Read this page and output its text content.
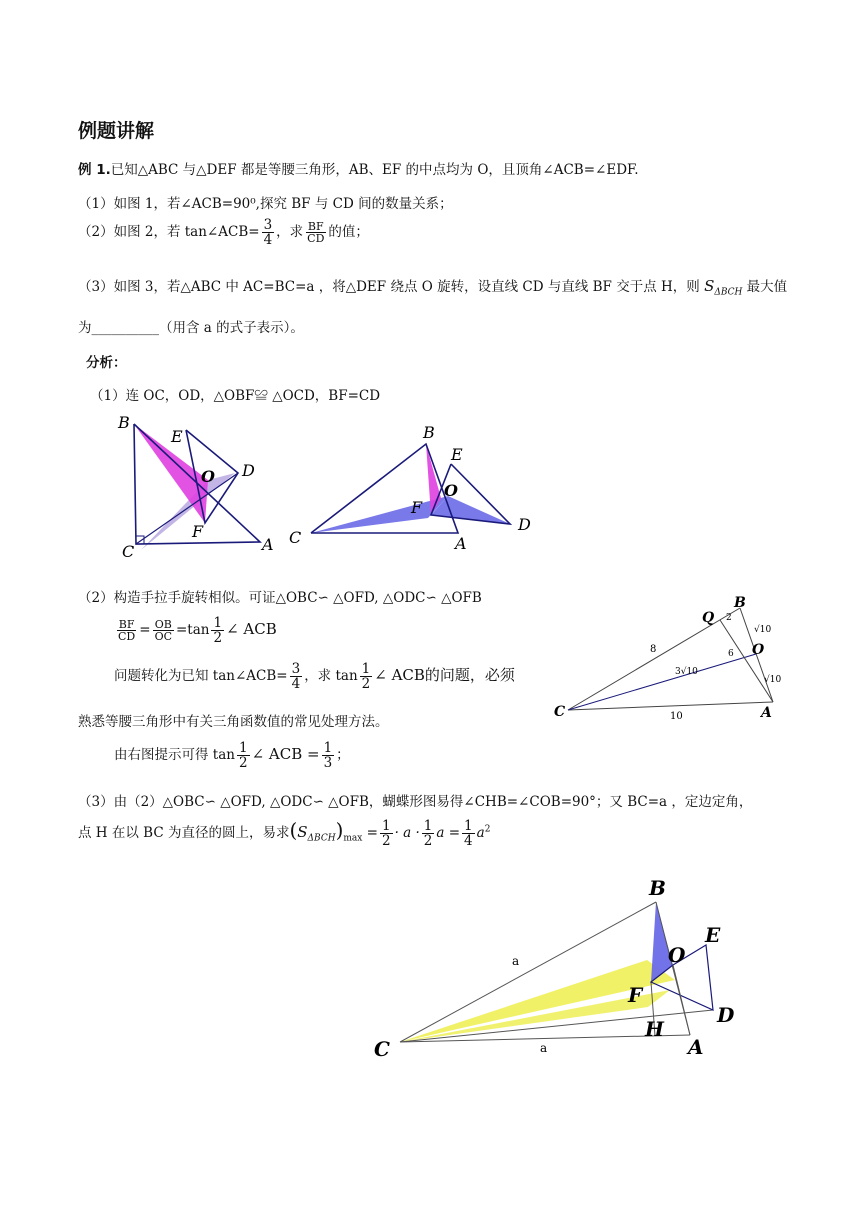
例题讲解
例 1.已知△ABC 与△DEF 都是等腰三角形，AB、EF 的中点均为 O，且顶角∠ACB=∠EDF.
（1）如图 1，若∠ACB=90⁰,探究 BF 与 CD 间的数量关系；
（2）如图 2，若 tan∠ACB= $\frac{3}{4}$ ，求 $\frac{BF}{CD}$ 的值；
（3）如图 3，若△ABC 中 AC=BC=a ，将△DEF 绕点 O 旋转，设直线 CD 与直线 BF 交于点 H，则 $S_{\Delta BCH}$ 最大值
为__________（用含 a 的式子表示）。
分析：
（1）连 OC，OD，△OBF≌ △OCD，BF=CD
B
E
O D
F
C	A
B
E
O
F
C	A
D
（2）构造手拉手旋转相似。可证△OBC∽ △OFD, △ODC∽ △OFB
$\frac{BF}{CD} = \frac{OB}{OC} =\tan \frac{1}{2}$ ∠ ACB
问题转化为已知 tan∠ACB= $\frac{3}{4}$ ，求 $\tan \frac{1}{2}$ ∠ ACB的问题，必须
熟悉等腰三角形中有关三角函数值的常见处理方法。
由右图提示可得 $\tan \frac{1}{2}$ ∠ ACB = $\frac{1}{3}$ ；
Q
B
O
C	A
2
√10
8	6
3√10
√10
10
（3）由（2）△OBC∽ △OFD, △ODC∽ △OFB，蝴蝶形图易得∠CHB=∠COB=90°；又 BC=a ，定边定角，
点 H 在以 BC 为直径的圆上，易求$(S_{\Delta BCH})_{max} = \frac{1}{2} \cdot a \cdot \frac{1}{2}$ $a = \frac{1}{4} a^2$
B
E
O
F
D
H
A
C
a
a
